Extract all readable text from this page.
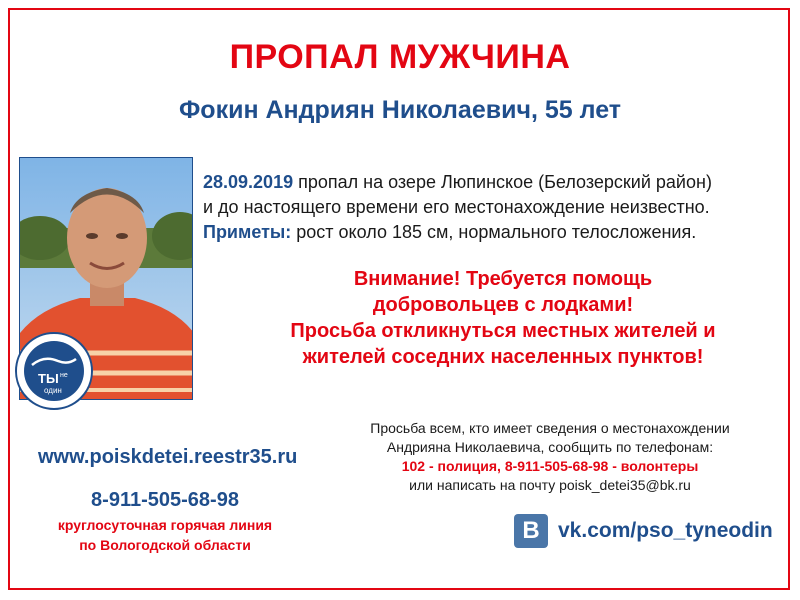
ПРОПАЛ МУЖЧИНА
Фокин Андриян Николаевич, 55 лет
ТЫ не
один
28.09.2019 пропал на озере Люпинское (Белозерский район)
и до настоящего времени его местонахождение неизвестно.
Приметы: рост около 185 см, нормального телосложения.
Внимание! Требуется помощь
добровольцев с лодками!
Просьба откликнуться местных жителей и
жителей соседних населенных пунктов!
www.poiskdetei.reestr35.ru
8-911-505-68-98
круглосуточная горячая линия
по Вологодской области
Просьба всем, кто имеет сведения о местонахождении
Андрияна Николаевича, сообщить по телефонам:
102 - полиция, 8-911-505-68-98 - волонтеры
или написать на почту poisk_detei35@bk.ru
B vk.com/pso_tyneodin
